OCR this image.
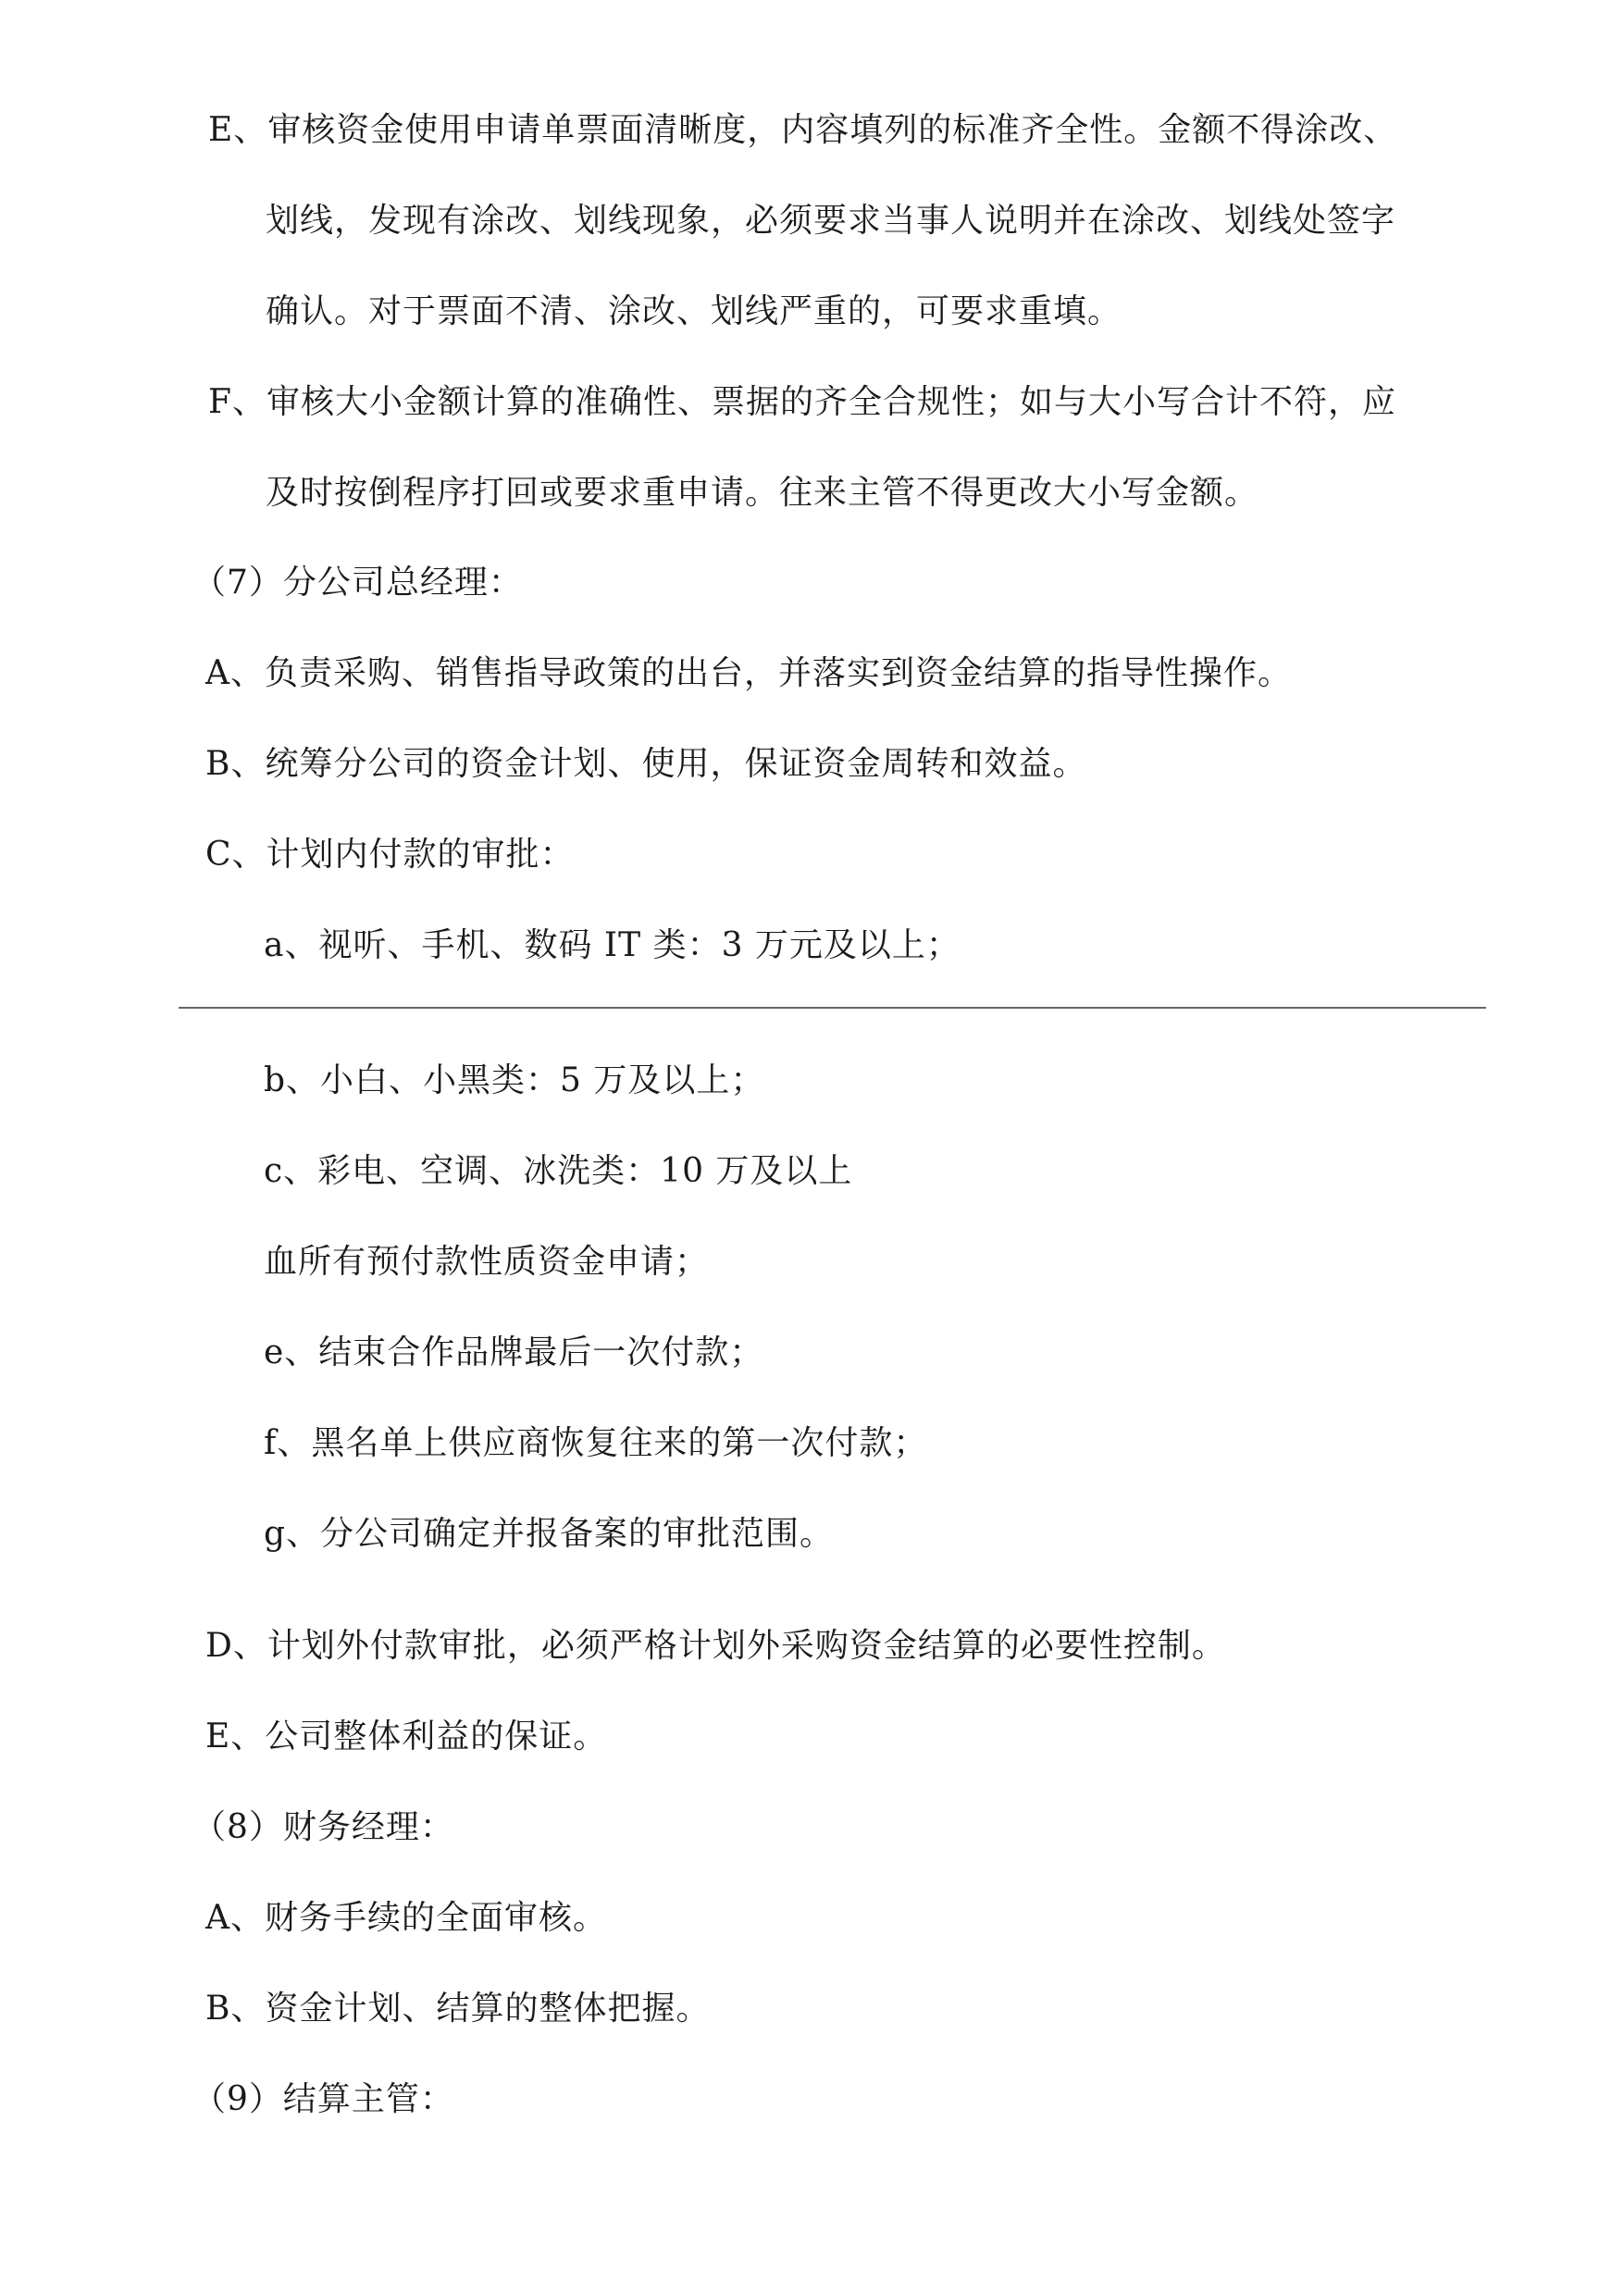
E、审核资金使用申请单票面清晰度，内容填列的标准齐全性。金额不得涂改、
划线，发现有涂改、划线现象，必须要求当事人说明并在涂改、划线处签字
确认。对于票面不清、涂改、划线严重的，可要求重填。
F、审核大小金额计算的准确性、票据的齐全合规性；如与大小写合计不符，应
及时按倒程序打回或要求重申请。往来主管不得更改大小写金额。
（7）分公司总经理：
A、负责采购、销售指导政策的出台，并落实到资金结算的指导性操作。
B、统筹分公司的资金计划、使用，保证资金周转和效益。
C、计划内付款的审批：
a、视听、手机、数码 IT 类：3 万元及以上；
b、小白、小黑类：5 万及以上；
c、彩电、空调、冰洗类：10 万及以上
血所有预付款性质资金申请；
e、结束合作品牌最后一次付款；
f、黑名单上供应商恢复往来的第一次付款；
g、分公司确定并报备案的审批范围。
D、计划外付款审批，必须严格计划外采购资金结算的必要性控制。
E、公司整体利益的保证。
（8）财务经理：
A、财务手续的全面审核。
B、资金计划、结算的整体把握。
（9）结算主管：
